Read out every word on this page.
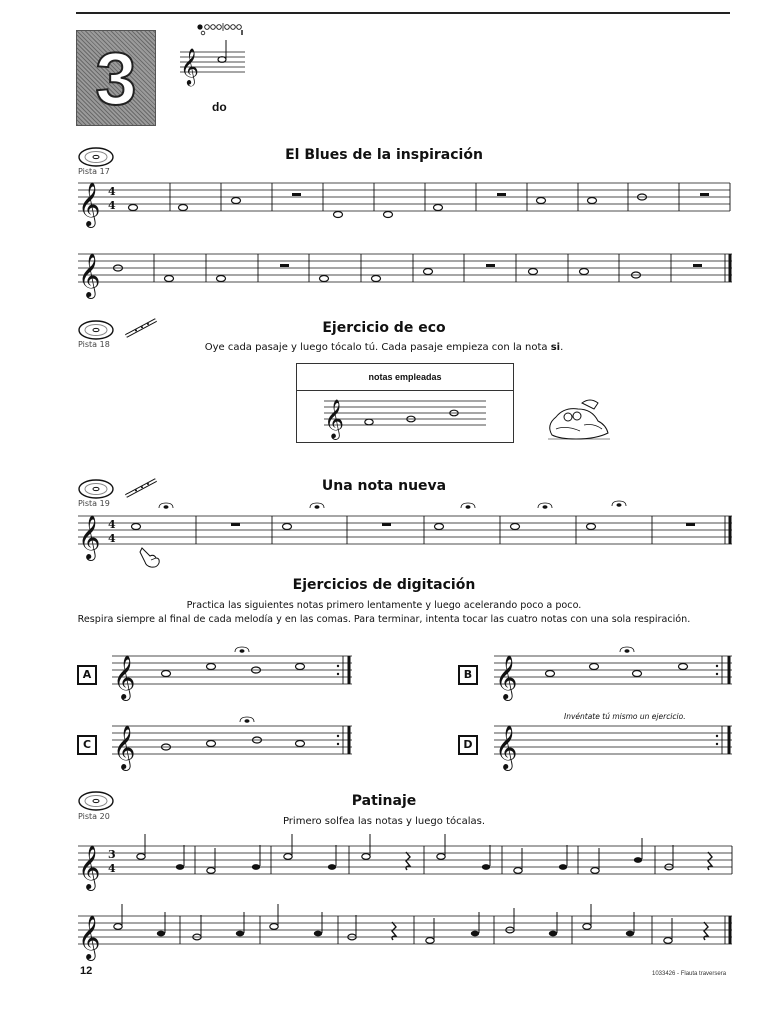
3	do
El Blues de la inspiración
Pista 17
Ejercicio de eco
Pista 18	Oye cada pasaje y luego tócalo tú. Cada pasaje empieza con la nota si.
notas empleadas
Una nota nueva
Pista 19
Ejercicios de digitación
Practica las siguientes notas primero lentamente y luego acelerando poco a poco.
Respira siempre al final de cada melodía y en las comas. Para terminar, intenta tocar las cuatro notas con una sola respiración.
A	B
C	D
Invéntate tú mismo un ejercicio.
Patinaje
Pista 20	Primero solfea las notas y luego tócalas.
12	1033426 - Flauta traversera
𝄞
𝄞 4
4
𝄞
𝄞
𝄞 4
4
𝄞	𝄞
𝄞	𝄞
𝄞 3
4
𝄞
